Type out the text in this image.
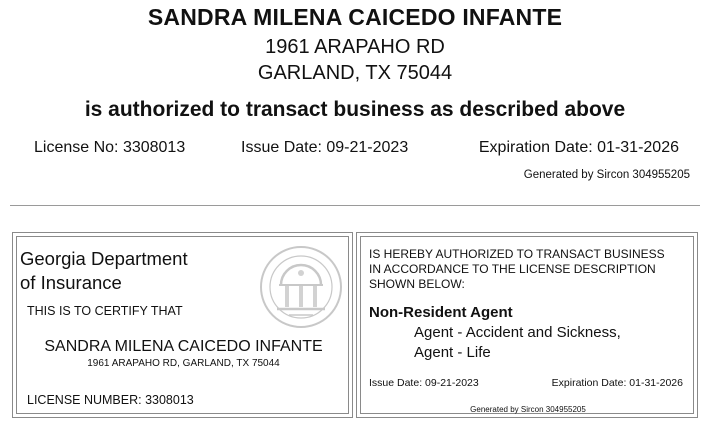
SANDRA MILENA CAICEDO INFANTE
1961 ARAPAHO RD
GARLAND, TX 75044
is authorized to transact business as described above
License No: 3308013	Issue Date: 09-21-2023	Expiration Date: 01-31-2026
Generated by Sircon 304955205
Georgia Department
of Insurance
THIS IS TO CERTIFY THAT
SANDRA MILENA CAICEDO INFANTE
1961 ARAPAHO RD, GARLAND, TX 75044
LICENSE NUMBER: 3308013
IS HEREBY AUTHORIZED TO TRANSACT BUSINESS
IN ACCORDANCE TO THE LICENSE DESCRIPTION
SHOWN BELOW:
Non-Resident Agent
Agent - Accident and Sickness,
Agent - Life
Issue Date: 09-21-2023	Expiration Date: 01-31-2026
Generated by Sircon 304955205
